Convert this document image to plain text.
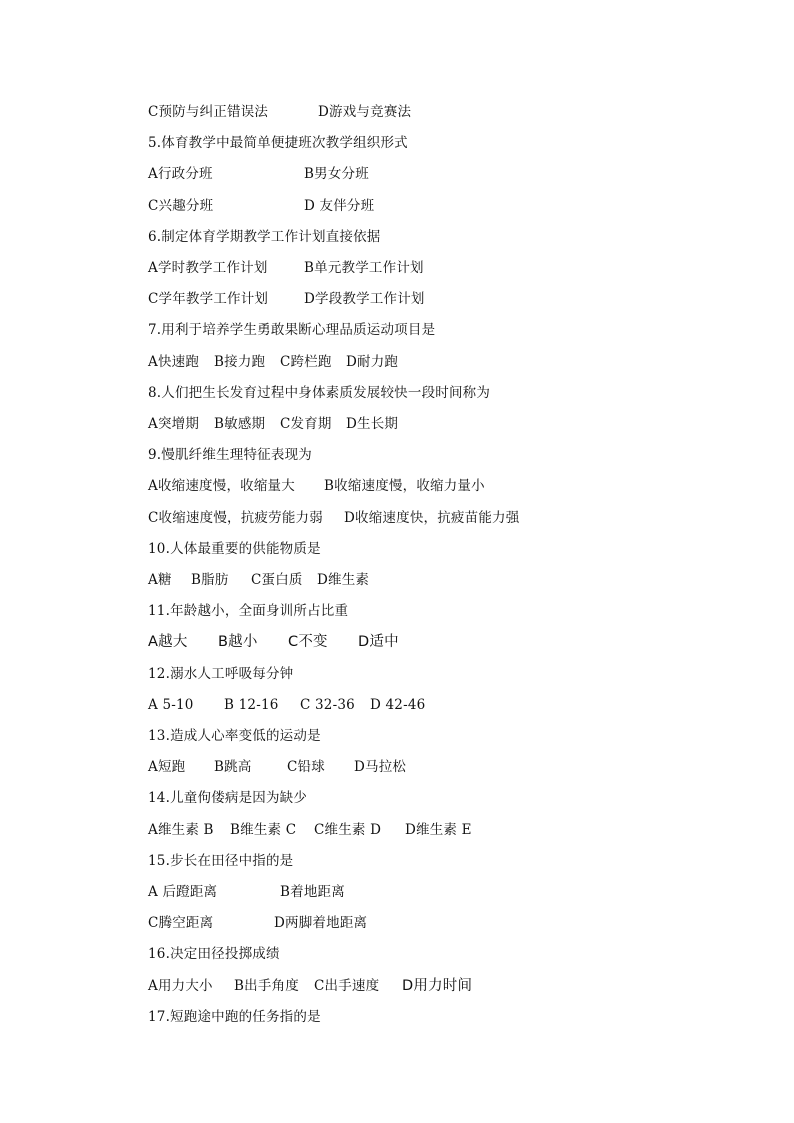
C预防与纠正错误法

	D游戏与竞赛法

5.体育教学中最简单便捷班次教学组织形式

A行政分班

	B男女分班

C兴趣分班

	D 友伴分班

6.制定体育学期教学工作计划直接依据

A学时教学工作计划

	B单元教学工作计划

C学年教学工作计划

	D学段教学工作计划

7.用利于培养学生勇敢果断心理品质运动项目是

A快速跑

B接力跑

C跨栏跑

D耐力跑

8.人们把生长发育过程中身体素质发展较快一段时间称为

A突增期

B敏感期

C发育期

D生长期

9.慢肌纤维生理特征表现为

A收缩速度慢，收缩量大

B收缩速度慢，收缩力量小

C收缩速度慢，抗疲劳能力弱

D收缩速度快，抗疲苗能力强

10.人体最重要的供能物质是

A糖

B脂肪

C蛋白质

D维生素

11.年龄越小，全面身训所占比重

A越大

B越小

C不变

D适中

12.溺水人工呼吸每分钟

A 5-10

B 12-16

C 32-36

D 42-46

13.造成人心率变低的运动是

A短跑

B跳高

	C铅球

D马拉松

14.儿童佝偻病是因为缺少

A维生素 B

B维生素 C

C维生素 D

D维生素 E

15.步长在田径中指的是

A 后蹬距离

	B着地距离

C腾空距离

	D两脚着地距离

16.决定田径投掷成绩

A用力大小

B出手角度

C出手速度

D用力时间

17.短跑途中跑的任务指的是
